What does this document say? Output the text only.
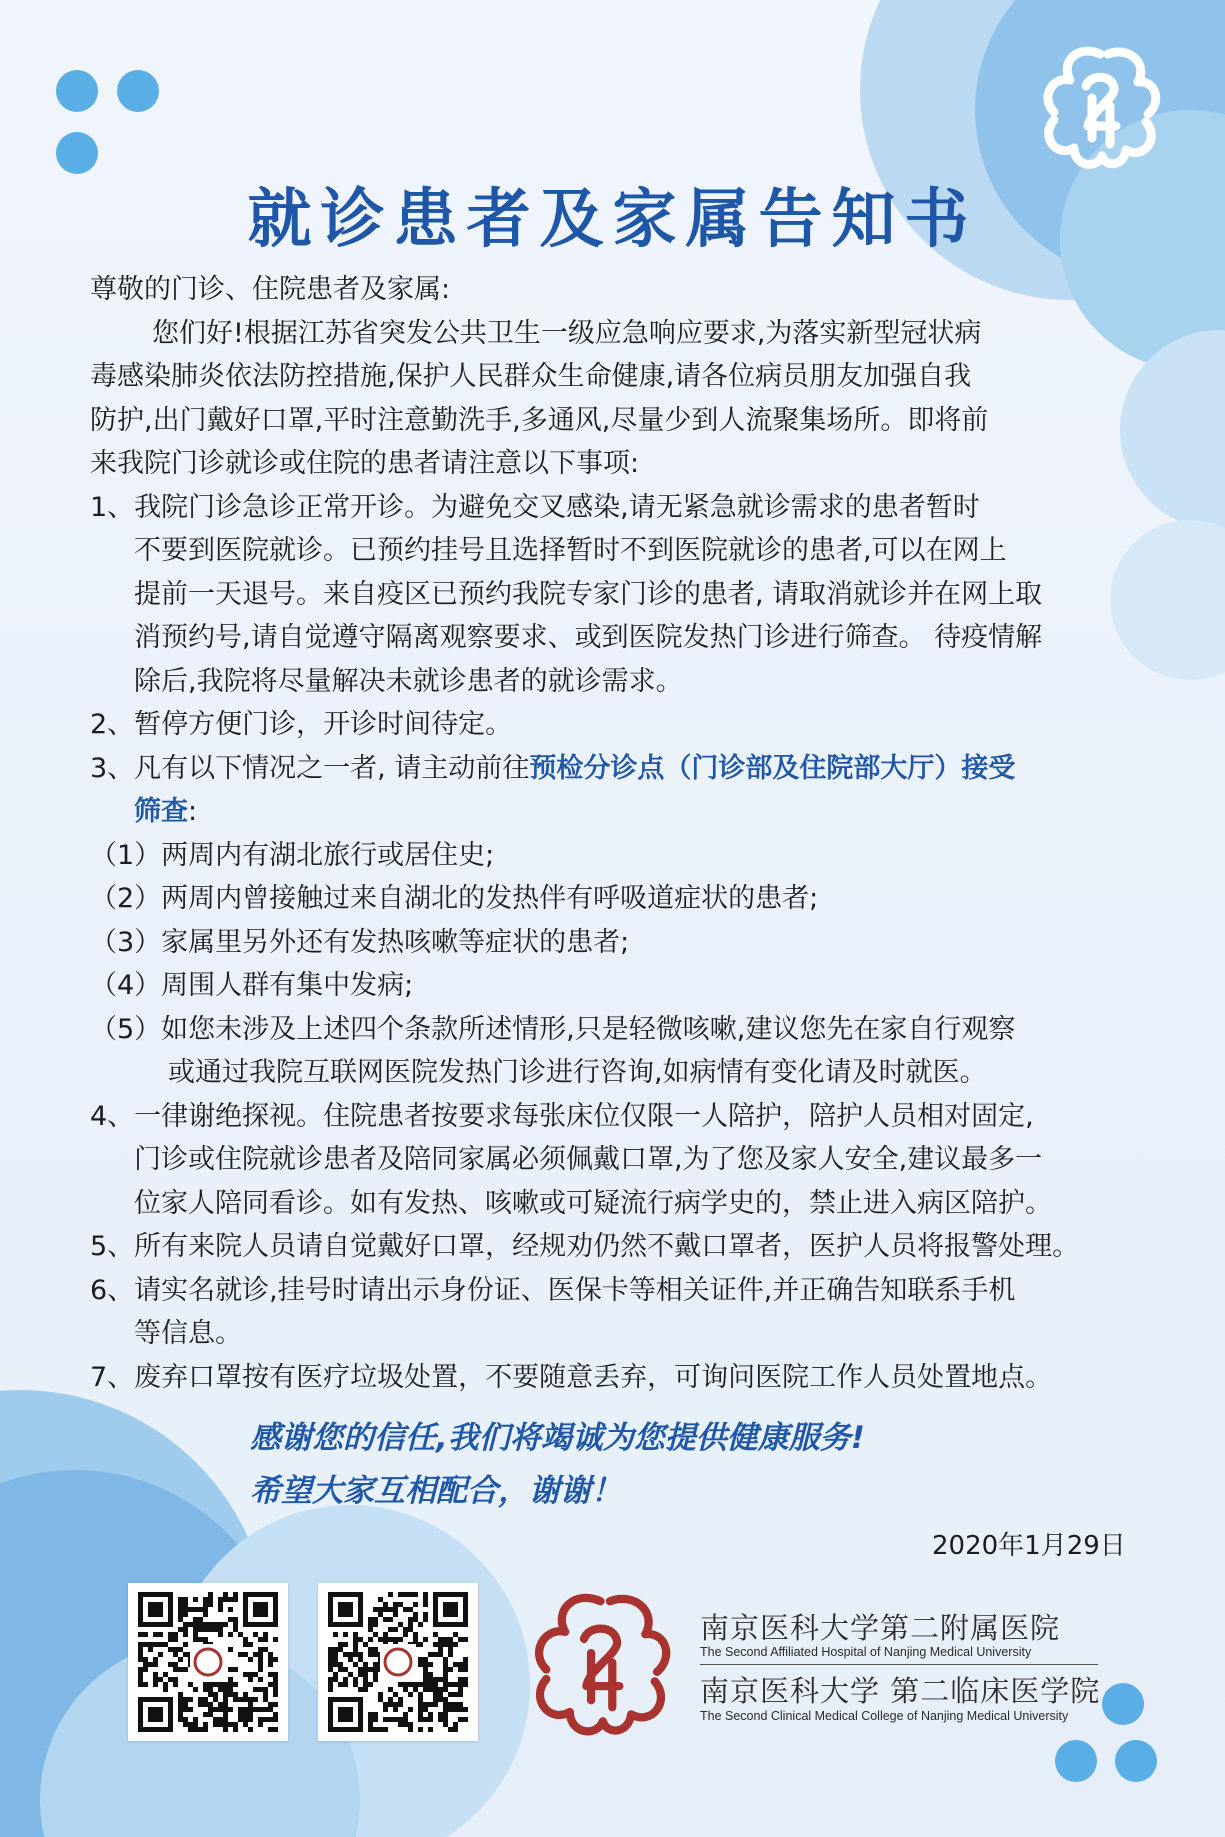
就诊患者及家属告知书
尊敬的门诊、住院患者及家属:
您们好!根据江苏省突发公共卫生一级应急响应要求,为落实新型冠状病
毒感染肺炎依法防控措施,保护人民群众生命健康,请各位病员朋友加强自我
防护,出门戴好口罩,平时注意勤洗手,多通风,尽量少到人流聚集场所。即将前
来我院门诊就诊或住院的患者请注意以下事项:
1、我院门诊急诊正常开诊。为避免交叉感染,请无紧急就诊需求的患者暂时
不要到医院就诊。已预约挂号且选择暂时不到医院就诊的患者,可以在网上
提前一天退号。来自疫区已预约我院专家门诊的患者, 请取消就诊并在网上取
消预约号,请自觉遵守隔离观察要求、或到医院发热门诊进行筛查。 待疫情解
除后,我院将尽量解决未就诊患者的就诊需求。
2、暂停方便门诊，开诊时间待定。
3、凡有以下情况之一者, 请主动前往预检分诊点（门诊部及住院部大厅）接受
筛查:
（1）两周内有湖北旅行或居住史;
（2）两周内曾接触过来自湖北的发热伴有呼吸道症状的患者;
（3）家属里另外还有发热咳嗽等症状的患者;
（4）周围人群有集中发病;
（5）如您未涉及上述四个条款所述情形,只是轻微咳嗽,建议您先在家自行观察
或通过我院互联网医院发热门诊进行咨询,如病情有变化请及时就医。
4、一律谢绝探视。住院患者按要求每张床位仅限一人陪护，陪护人员相对固定,
门诊或住院就诊患者及陪同家属必须佩戴口罩,为了您及家人安全,建议最多一
位家人陪同看诊。如有发热、咳嗽或可疑流行病学史的，禁止进入病区陪护。
5、所有来院人员请自觉戴好口罩，经规劝仍然不戴口罩者，医护人员将报警处理。
6、请实名就诊,挂号时请出示身份证、医保卡等相关证件,并正确告知联系手机
等信息。
7、废弃口罩按有医疗垃圾处置，不要随意丢弃，可询问医院工作人员处置地点。
感谢您的信任,我们将竭诚为您提供健康服务!
希望大家互相配合，谢谢！
2020年1月29日
南京医科大学第二附属医院
The Second Affiliated Hospital of Nanjing Medical University
南京医科大学 第二临床医学院
The Second Clinical Medical College of Nanjing Medical University
